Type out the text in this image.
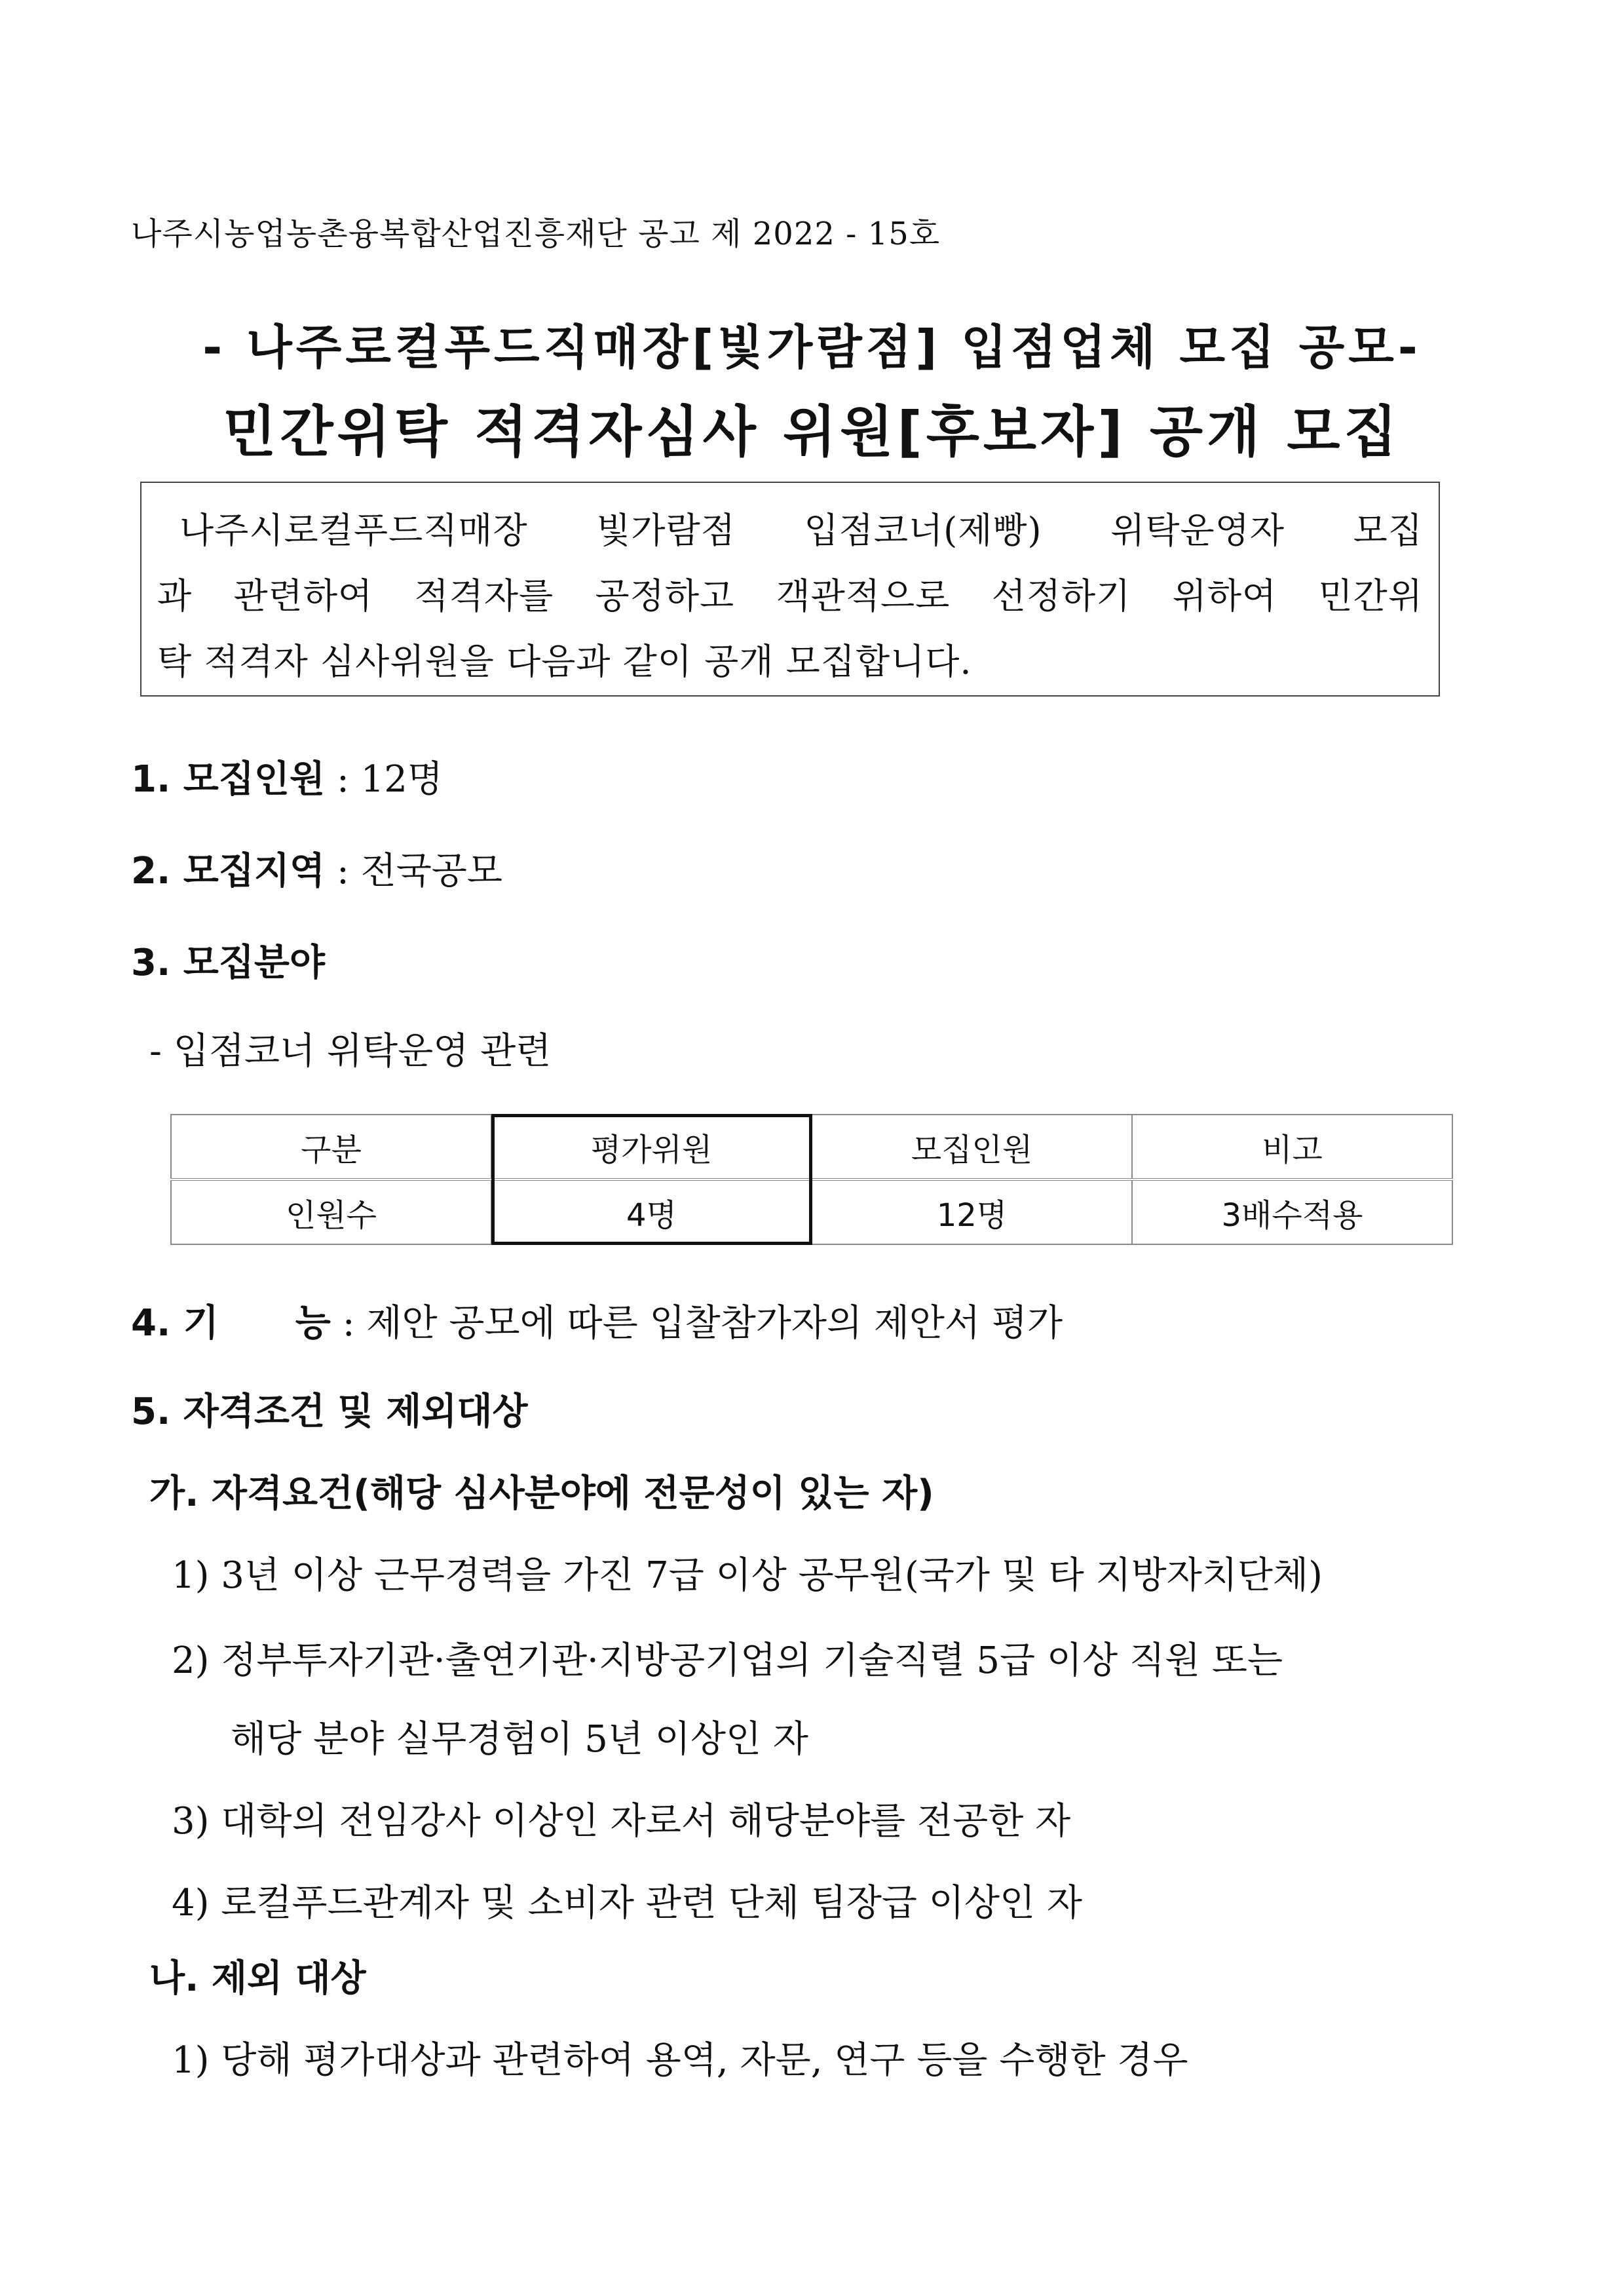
나주시농업농촌융복합산업진흥재단 공고 제 2022 - 15호
- 나주로컬푸드직매장[빛가람점] 입점업체 모집 공모-
민간위탁 적격자심사 위원[후보자] 공개 모집
나주시로컬푸드직매장 빛가람점 입점코너(제빵) 위탁운영자 모집
과 관련하여 적격자를 공정하고 객관적으로 선정하기 위하여 민간위
탁 적격자 심사위원을 다음과 같이 공개 모집합니다.
1. 모집인원 : 12명
2. 모집지역 : 전국공모
3. 모집분야
- 입점코너 위탁운영 관련
구분	평가위원	모집인원	비고
인원수	4명	12명	3배수적용
4. 기      능 : 제안 공모에 따른 입찰참가자의 제안서 평가
5. 자격조건 및 제외대상
가. 자격요건(해당 심사분야에 전문성이 있는 자)
1) 3년 이상 근무경력을 가진 7급 이상 공무원(국가 및 타 지방자치단체)
2) 정부투자기관·출연기관·지방공기업의 기술직렬 5급 이상 직원 또는
해당 분야 실무경험이 5년 이상인 자
3) 대학의 전임강사 이상인 자로서 해당분야를 전공한 자
4) 로컬푸드관계자 및 소비자 관련 단체 팀장급 이상인 자
나. 제외 대상
1) 당해 평가대상과 관련하여 용역, 자문, 연구 등을 수행한 경우
